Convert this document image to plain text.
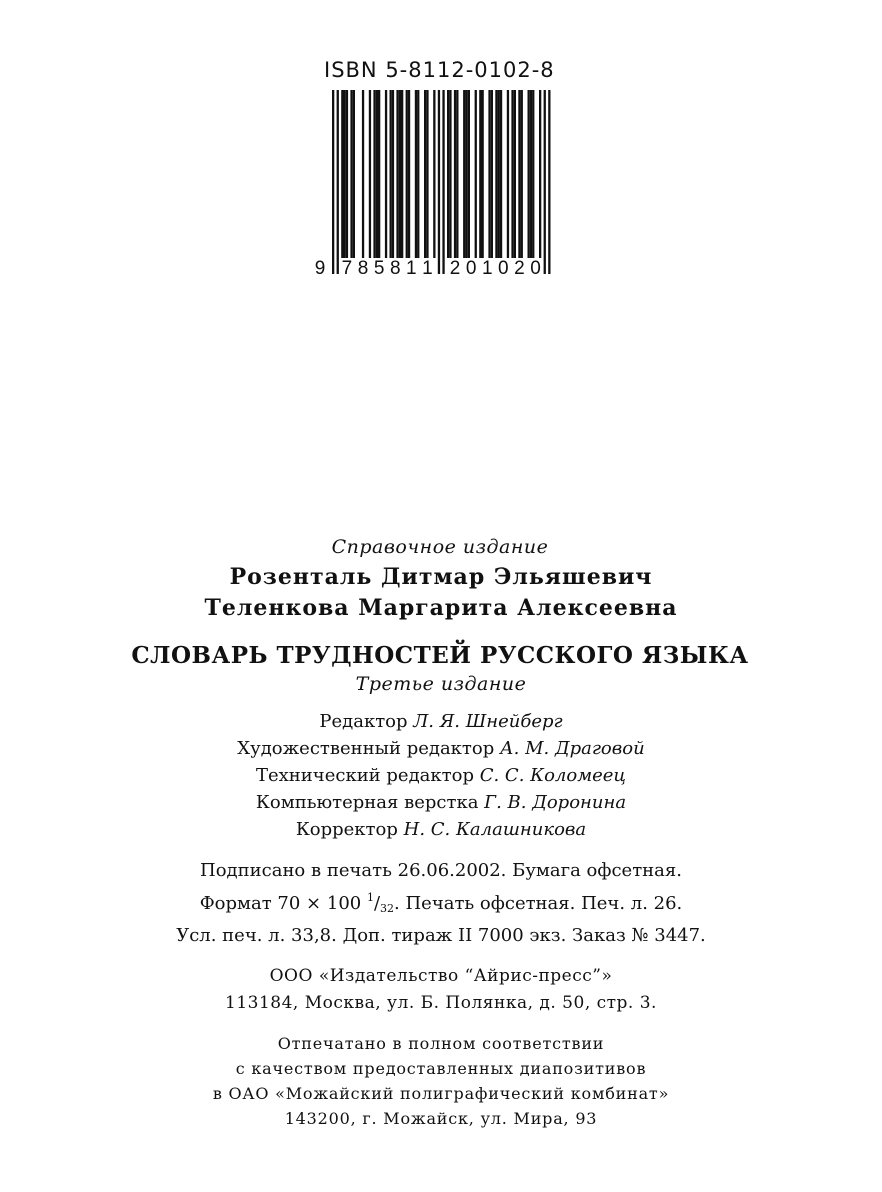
ISBN 5-8112-0102-8
9 7 8 5 8 1 1 2 0 1 0 2 0
Справочное издание
Розенталь Дитмар Эльяшевич
Теленкова Маргарита Алексеевна
СЛОВАРЬ ТРУДНОСТЕЙ РУССКОГО ЯЗЫКА
Третье издание
Редактор Л. Я. Шнейберг
Художественный редактор А. М. Драговой
Технический редактор С. С. Коломеец
Компьютерная верстка Г. В. Доронина
Корректор Н. С. Калашникова
Подписано в печать 26.06.2002. Бумага офсетная.
Формат 70 × 100 $^1/_{32}$. Печать офсетная. Печ. л. 26.
Усл. печ. л. 33,8. Доп. тираж II 7000 экз. Заказ № 3447.
ООО «Издательство “Айрис-пресс”»
113184, Москва, ул. Б. Полянка, д. 50, стр. 3.
Отпечатано в полном соответствии
с качеством предоставленных диапозитивов
в ОАО «Можайский полиграфический комбинат»
143200, г. Можайск, ул. Мира, 93
